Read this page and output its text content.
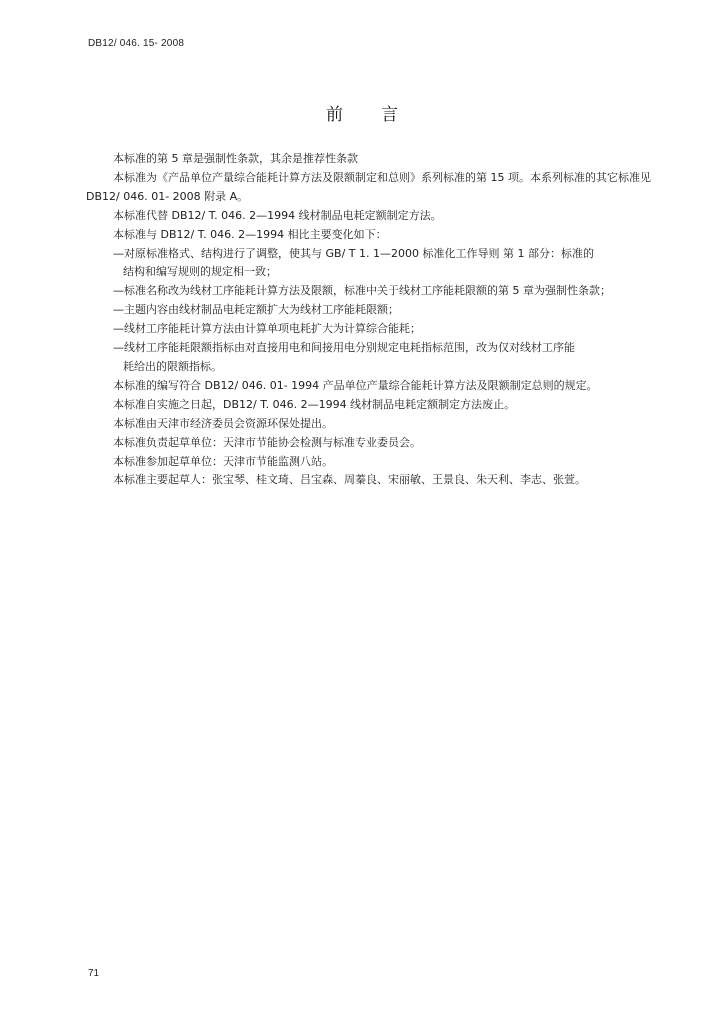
DB12/ 046. 15- 2008
前 言

本标准的第 5 章是强制性条款，其余是推荐性条款

本标准为《产品单位产量综合能耗计算方法及限额制定和总则》系列标准的第 15 项。本系列标准的其它标准见 DB12/ 046. 01- 2008 附录 A。

本标准代替 DB12/ T. 046. 2—1994 线材制品电耗定额制定方法。

本标准与 DB12/ T. 046. 2—1994 相比主要变化如下：

—对原标准格式、结构进行了调整，使其与 GB/ T 1. 1—2000 标准化工作导则 第 1 部分：标准的

结构和编写规则的规定相一致；

—标准名称改为线材工序能耗计算方法及限额，标准中关于线材工序能耗限额的第 5 章为强制性条款；

—主题内容由线材制品电耗定额扩大为线材工序能耗限额；

—线材工序能耗计算方法由计算单项电耗扩大为计算综合能耗；

—线材工序能耗限额指标由对直接用电和间接用电分别规定电耗指标范围，改为仅对线材工序能

耗给出的限额指标。

本标准的编写符合 DB12/ 046. 01- 1994 产品单位产量综合能耗计算方法及限额制定总则的规定。

本标准自实施之日起，DB12/ T. 046. 2—1994 线材制品电耗定额制定方法废止。

本标准由天津市经济委员会资源环保处提出。

本标准负责起草单位：天津市节能协会检测与标准专业委员会。

本标准参加起草单位：天津市节能监测八站。

本标准主要起草人：张宝琴、桂文琦、吕宝森、周蓁良、宋丽敏、王景良、朱天利、李志、张萱。

71
